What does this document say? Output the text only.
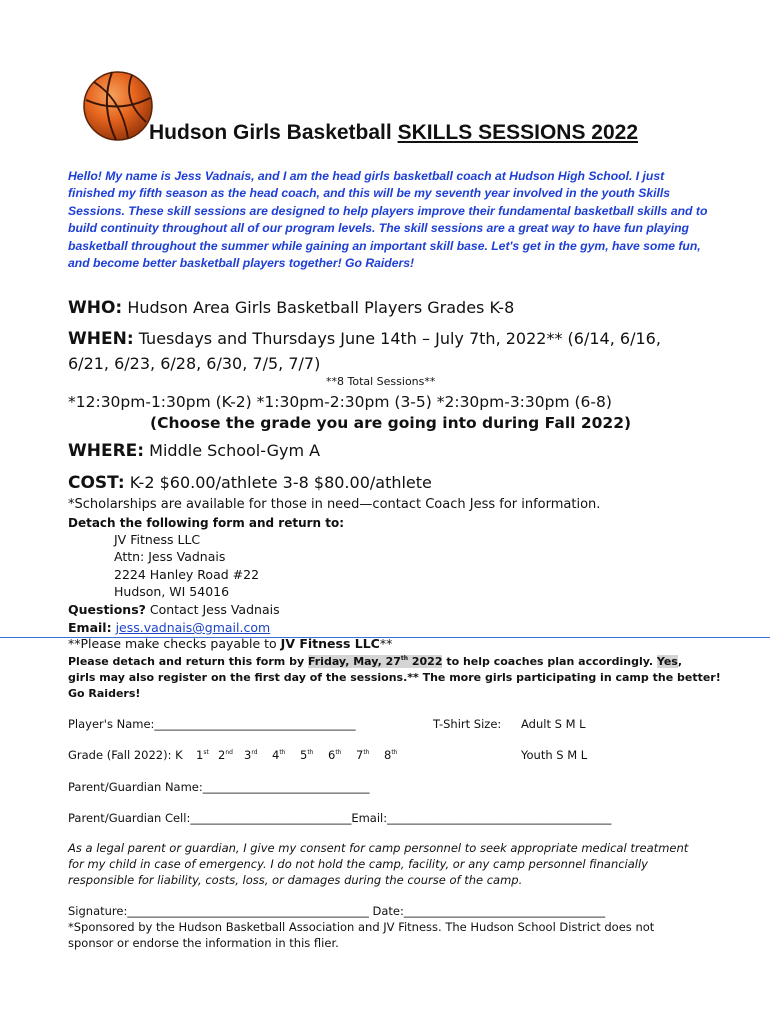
Hudson Girls Basketball SKILLS SESSIONS 2022
Hello! My name is Jess Vadnais, and I am the head girls basketball coach at Hudson High School. I just finished my fifth season as the head coach, and this will be my seventh year involved in the youth Skills Sessions. These skill sessions are designed to help players improve their fundamental basketball skills and to build continuity throughout all of our program levels. The skill sessions are a great way to have fun playing basketball throughout the summer while gaining an important skill base. Let's get in the gym, have some fun, and become better basketball players together! Go Raiders!
WHO: Hudson Area Girls Basketball Players Grades K-8
WHEN: Tuesdays and Thursdays June 14th – July 7th, 2022** (6/14, 6/16,
6/21, 6/23, 6/28, 6/30, 7/5, 7/7)
**8 Total Sessions**
*12:30pm-1:30pm (K-2) *1:30pm-2:30pm (3-5) *2:30pm-3:30pm (6-8)
(Choose the grade you are going into during Fall 2022)
WHERE: Middle School-Gym A
COST: K-2 $60.00/athlete 3-8 $80.00/athlete
*Scholarships are available for those in need—contact Coach Jess for information.
Detach the following form and return to:
JV Fitness LLC
Attn: Jess Vadnais
2224 Hanley Road #22
Hudson, WI 54016
Questions? Contact Jess Vadnais
Email: jess.vadnais@gmail.com
**Please make checks payable to JV Fitness LLC**
Please detach and return this form by Friday, May, 27th 2022 to help coaches plan accordingly. Yes,
girls may also register on the first day of the sessions.** The more girls participating in camp the better!
Go Raiders!
Player's Name:___________________________________	T-Shirt Size: Adult S M L
Grade (Fall 2022): K 1st 2nd 3rd 4th 5th 6th 7th 8th	Youth S M L
Parent/Guardian Name:_____________________________
Parent/Guardian Cell:____________________________Email:_______________________________________
As a legal parent or guardian, I give my consent for camp personnel to seek appropriate medical treatment for my child in case of emergency. I do not hold the camp, facility, or any camp personnel financially responsible for liability, costs, loss, or damages during the course of the camp.
Signature:__________________________________________ Date:___________________________________
*Sponsored by the Hudson Basketball Association and JV Fitness. The Hudson School District does not sponsor or endorse the information in this flier.
